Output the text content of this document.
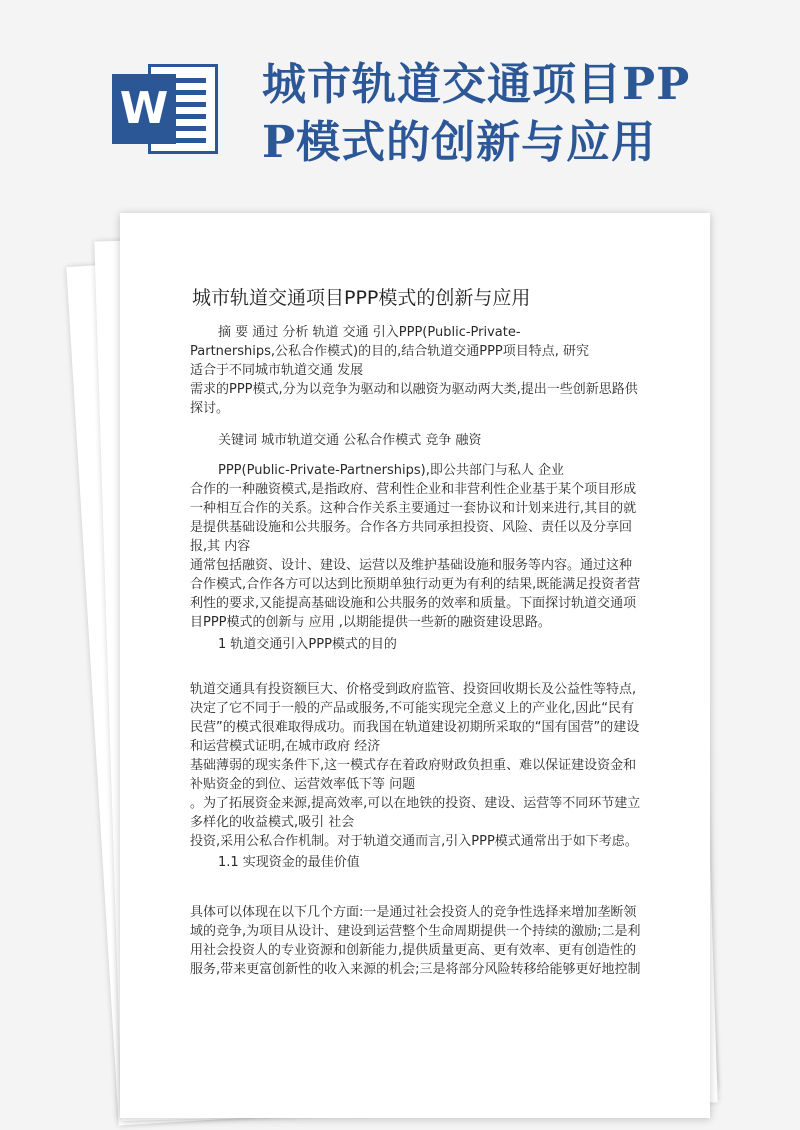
W 城市轨道交通项目PP
P模式的创新与应用
城市轨道交通项目PPP模式的创新与应用
摘 要 通过 分析 轨道 交通 引入PPP(Public-Private-
Partnerships,公私合作模式)的目的,结合轨道交通PPP项目特点, 研究
适合于不同城市轨道交通 发展
需求的PPP模式,分为以竞争为驱动和以融资为驱动两大类,提出一些创新思路供
探讨。
关键词 城市轨道交通 公私合作模式 竞争 融资
PPP(Public-Private-Partnerships),即公共部门与私人 企业
合作的一种融资模式,是指政府、营利性企业和非营利性企业基于某个项目形成
一种相互合作的关系。这种合作关系主要通过一套协议和计划来进行,其目的就
是提供基础设施和公共服务。合作各方共同承担投资、风险、责任以及分享回
报,其 内容
通常包括融资、设计、建设、运营以及维护基础设施和服务等内容。通过这种
合作模式,合作各方可以达到比预期单独行动更为有利的结果,既能满足投资者营
利性的要求,又能提高基础设施和公共服务的效率和质量。下面探讨轨道交通项
目PPP模式的创新与 应用 ,以期能提供一些新的融资建设思路。
1 轨道交通引入PPP模式的目的
轨道交通具有投资额巨大、价格受到政府监管、投资回收期长及公益性等特点,
决定了它不同于一般的产品或服务,不可能实现完全意义上的产业化,因此“民有
民营”的模式很难取得成功。而我国在轨道建设初期所采取的“国有国营”的建设
和运营模式证明,在城市政府 经济
基础薄弱的现实条件下,这一模式存在着政府财政负担重、难以保证建设资金和
补贴资金的到位、运营效率低下等 问题
。为了拓展资金来源,提高效率,可以在地铁的投资、建设、运营等不同环节建立
多样化的收益模式,吸引 社会
投资,采用公私合作机制。对于轨道交通而言,引入PPP模式通常出于如下考虑。
1.1 实现资金的最佳价值
具体可以体现在以下几个方面:一是通过社会投资人的竞争性选择来增加垄断领
域的竞争,为项目从设计、建设到运营整个生命周期提供一个持续的激励;二是利
用社会投资人的专业资源和创新能力,提供质量更高、更有效率、更有创造性的
服务,带来更富创新性的收入来源的机会;三是将部分风险转移给能够更好地控制
